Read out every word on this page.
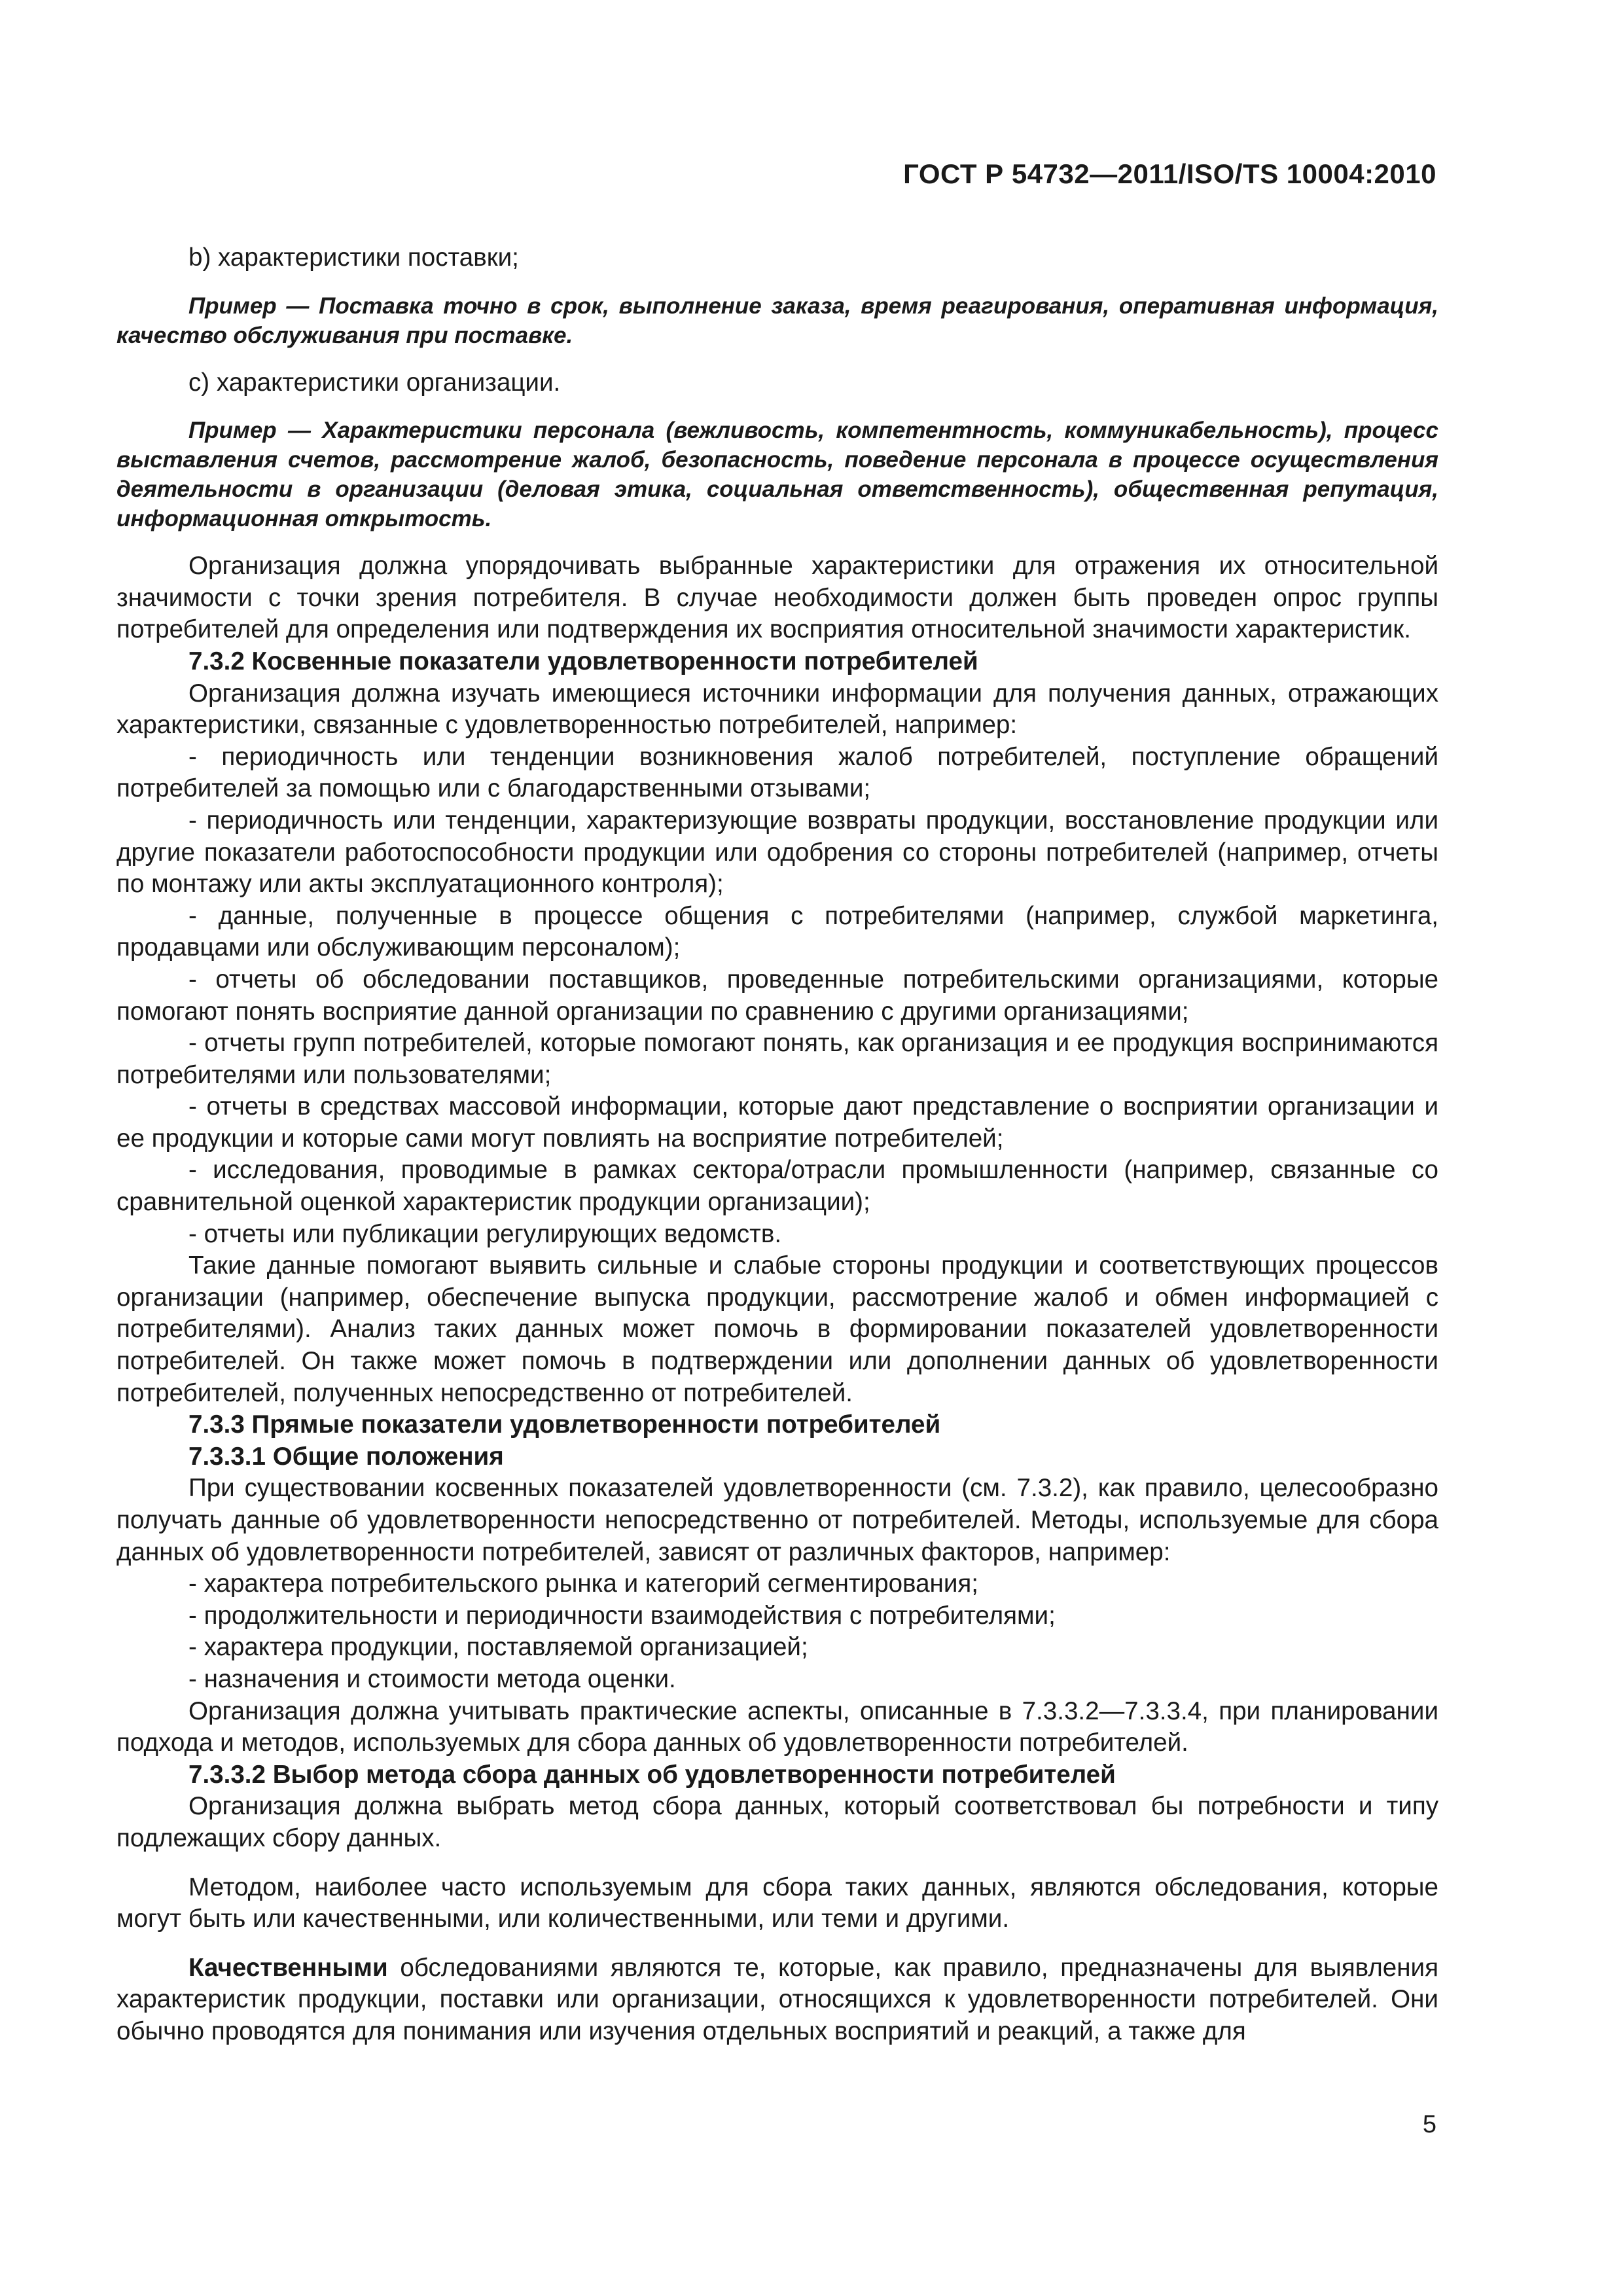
ГОСТ Р 54732—2011/ISO/TS 10004:2010

b) характеристики поставки;

Пример — Поставка точно в срок, выполнение заказа, время реагирования, оперативная информация, качество обслуживания при поставке.

c) характеристики организации.

Пример — Характеристики персонала (вежливость, компетентность, коммуникабельность), процесс выставления счетов, рассмотрение жалоб, безопасность, поведение персонала в процессе осуществления деятельности в организации (деловая этика, социальная ответственность), общественная репутация, информационная открытость.

Организация должна упорядочивать выбранные характеристики для отражения их относительной значимости с точки зрения потребителя. В случае необходимости должен быть проведен опрос группы потребителей для определения или подтверждения их восприятия относительной значимости характеристик.

7.3.2 Косвенные показатели удовлетворенности потребителей

Организация должна изучать имеющиеся источники информации для получения данных, отражающих характеристики, связанные с удовлетворенностью потребителей, например:

- периодичность или тенденции возникновения жалоб потребителей, поступление обращений потребителей за помощью или с благодарственными отзывами;

- периодичность или тенденции, характеризующие возвраты продукции, восстановление продукции или другие показатели работоспособности продукции или одобрения со стороны потребителей (например, отчеты по монтажу или акты эксплуатационного контроля);

- данные, полученные в процессе общения с потребителями (например, службой маркетинга, продавцами или обслуживающим персоналом);

- отчеты об обследовании поставщиков, проведенные потребительскими организациями, которые помогают понять восприятие данной организации по сравнению с другими организациями;

- отчеты групп потребителей, которые помогают понять, как организация и ее продукция воспринимаются потребителями или пользователями;

- отчеты в средствах массовой информации, которые дают представление о восприятии организации и ее продукции и которые сами могут повлиять на восприятие потребителей;

- исследования, проводимые в рамках сектора/отрасли промышленности (например, связанные со сравнительной оценкой характеристик продукции организации);

- отчеты или публикации регулирующих ведомств.

Такие данные помогают выявить сильные и слабые стороны продукции и соответствующих процессов организации (например, обеспечение выпуска продукции, рассмотрение жалоб и обмен информацией с потребителями). Анализ таких данных может помочь в формировании показателей удовлетворенности потребителей. Он также может помочь в подтверждении или дополнении данных об удовлетворенности потребителей, полученных непосредственно от потребителей.

7.3.3 Прямые показатели удовлетворенности потребителей

7.3.3.1 Общие положения

При существовании косвенных показателей удовлетворенности (см. 7.3.2), как правило, целесообразно получать данные об удовлетворенности непосредственно от потребителей. Методы, используемые для сбора данных об удовлетворенности потребителей, зависят от различных факторов, например:

- характера потребительского рынка и категорий сегментирования;

- продолжительности и периодичности взаимодействия с потребителями;

- характера продукции, поставляемой организацией;

- назначения и стоимости метода оценки.

Организация должна учитывать практические аспекты, описанные в 7.3.3.2—7.3.3.4, при планировании подхода и методов, используемых для сбора данных об удовлетворенности потребителей.

7.3.3.2 Выбор метода сбора данных об удовлетворенности потребителей

Организация должна выбрать метод сбора данных, который соответствовал бы потребности и типу подлежащих сбору данных.

Методом, наиболее часто используемым для сбора таких данных, являются обследования, которые могут быть или качественными, или количественными, или теми и другими.

Качественными обследованиями являются те, которые, как правило, предназначены для выявления характеристик продукции, поставки или организации, относящихся к удовлетворенности потребителей. Они обычно проводятся для понимания или изучения отдельных восприятий и реакций, а также для

5
